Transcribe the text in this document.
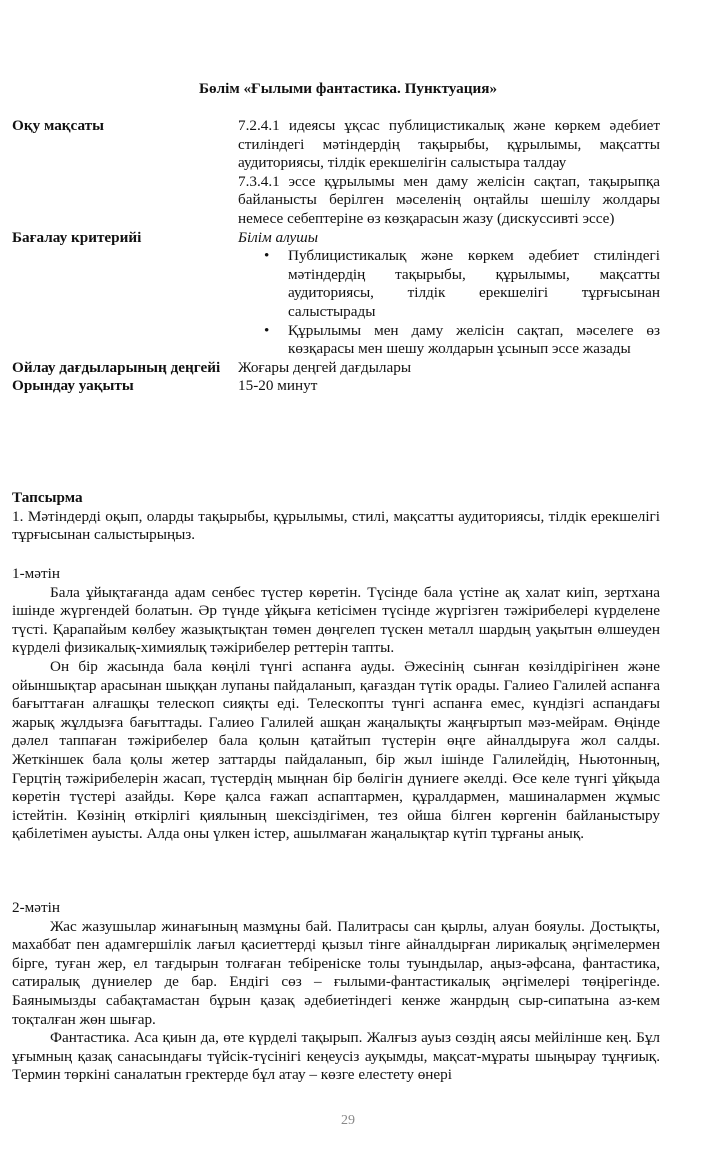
Бөлім «Ғылыми фантастика. Пунктуация»
Оқу мақсаты	7.2.4.1 идеясы ұқсас публицистикалық және көркем әдебиет стиліндегі мәтіндердің тақырыбы, құрылымы, мақсатты аудиториясы, тілдік ерекшелігін салыстыра талдау

7.3.4.1 эссе құрылымы мен даму желісін сақтап, тақырыпқа байланысты берілген мәселенің оңтайлы шешілу жолдары немесе себептеріне өз көзқарасын жазу (дискуссивті эссе)

Бағалау критерийі	Білім алушы

• Публицистикалық және көркем әдебиет стиліндегі мәтіндердің тақырыбы, құрылымы, мақсатты аудиториясы, тілдік ерекшелігі тұрғысынан салыстырады
• Құрылымы мен даму желісін сақтап, мәселеге өз көзқарасы мен шешу жолдарын ұсынып эссе жазады
Ойлау дағдыларының деңгейі	Жоғары деңгей дағдылары
Орындау уақыты	15-20 минут
Тапсырма

1. Мәтіндерді оқып, оларды тақырыбы, құрылымы, стилі, мақсатты аудиториясы, тілдік ерекшелігі тұрғысынан салыстырыңыз.

1-мәтін

Бала ұйықтағанда адам сенбес түстер көретін. Түсінде бала үстіне ақ халат киіп, зертхана ішінде жүргендей болатын. Әр түнде ұйқыға кетісімен түсінде жүргізген тәжірибелері күрделене түсті. Қарапайым көлбеу жазықтықтан төмен дөңгелеп түскен металл шардың уақытын өлшеуден күрделі физикалық-химиялық тәжірибелер реттерін тапты.

Он бір жасында бала көңілі түнгі аспанға ауды. Әжесінің сынған көзілдірігінен және ойыншықтар арасынан шыққан лупаны пайдаланып, қағаздан түтік орады. Галиео Галилей аспанға бағыттаған алғашқы телескоп сияқты еді. Телескопты түнгі аспанға емес, күндізгі аспандағы жарық жұлдызға бағыттады. Галиео Галилей ашқан жаңалықты жаңғыртып мәз-мейрам. Өңінде дәлел таппаған тәжірибелер бала қолын қатайтып түстерін өңге айналдыруға жол салды. Жеткіншек бала қолы жетер заттарды пайдаланып, бір жыл ішінде Галилейдің, Ньютонның, Герцтің тәжірибелерін жасап, түстердің мыңнан бір бөлігін дүниеге әкелді. Өсе келе түнгі ұйқыда көретін түстері азайды. Көре қалса ғажап аспаптармен, құралдармен, машиналармен жұмыс істейтін. Көзінің өткірлігі қиялының шексіздігімен, тез ойша білген көргенін байланыстыру қабілетімен ауысты. Алда оны үлкен істер, ашылмаған жаңалықтар күтіп тұрғаны анық.

2-мәтін

Жас жазушылар жинағының мазмұны бай. Палитрасы сан қырлы, алуан бояулы. Достықты, махаббат пен адамгершілік лағыл қасиеттерді қызыл тінге айналдырған лирикалық әңгімелермен бірге, туған жер, ел тағдырын толғаған тебіреніске толы туындылар, аңыз-әфсана, фантастика, сатиралық дүниелер де бар. Ендігі сөз – ғылыми-фантастикалық әңгімелері төңірегінде. Баянымызды сабақтамастан бұрын қазақ әдебиетіндегі кенже жанрдың сыр-сипатына аз-кем тоқталған жөн шығар.

Фантастика. Аса қиын да, өте күрделі тақырып. Жалғыз ауыз сөздің аясы мейілінше кең. Бұл ұғымның қазақ санасындағы түйсік-түсінігі кеңеусіз ауқымды, мақсат-мұраты шыңырау тұңғиық. Термин төркіні саналатын гректерде бұл атау – көзге елестету өнері

29
